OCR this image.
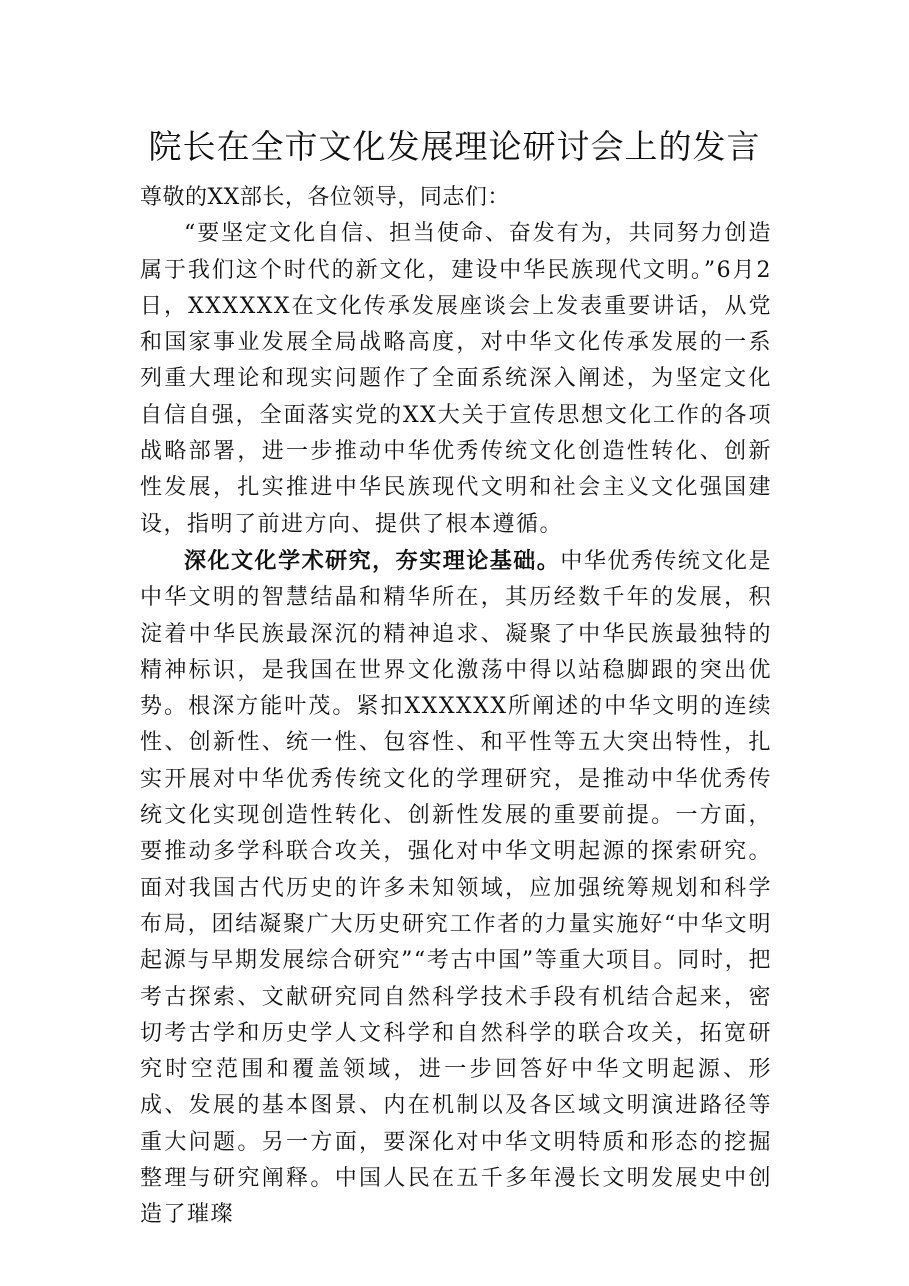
院长在全市文化发展理论研讨会上的发言

尊敬的XX部长，各位领导，同志们：

“要坚定文化自信、担当使命、奋发有为，共同努力创造属于我们这个时代的新文化，建设中华民族现代文明。”6月2日，XXXXXX在文化传承发展座谈会上发表重要讲话，从党和国家事业发展全局战略高度，对中华文化传承发展的一系列重大理论和现实问题作了全面系统深入阐述，为坚定文化自信自强，全面落实党的XX大关于宣传思想文化工作的各项战略部署，进一步推动中华优秀传统文化创造性转化、创新性发展，扎实推进中华民族现代文明和社会主义文化强国建设，指明了前进方向、提供了根本遵循。

深化文化学术研究，夯实理论基础。中华优秀传统文化是中华文明的智慧结晶和精华所在，其历经数千年的发展，积淀着中华民族最深沉的精神追求、凝聚了中华民族最独特的精神标识，是我国在世界文化激荡中得以站稳脚跟的突出优势。根深方能叶茂。紧扣XXXXXX所阐述的中华文明的连续性、创新性、统一性、包容性、和平性等五大突出特性，扎实开展对中华优秀传统文化的学理研究，是推动中华优秀传统文化实现创造性转化、创新性发展的重要前提。一方面，要推动多学科联合攻关，强化对中华文明起源的探索研究。面对我国古代历史的许多未知领域，应加强统筹规划和科学布局，团结凝聚广大历史研究工作者的力量实施好“中华文明起源与早期发展综合研究”“考古中国”等重大项目。同时，把考古探索、文献研究同自然科学技术手段有机结合起来，密切考古学和历史学人文科学和自然科学的联合攻关，拓宽研究时空范围和覆盖领域，进一步回答好中华文明起源、形成、发展的基本图景、内在机制以及各区域文明演进路径等重大问题。另一方面，要深化对中华文明特质和形态的挖掘整理与研究阐释。中国人民在五千多年漫长文明发展史中创造了璀璨
